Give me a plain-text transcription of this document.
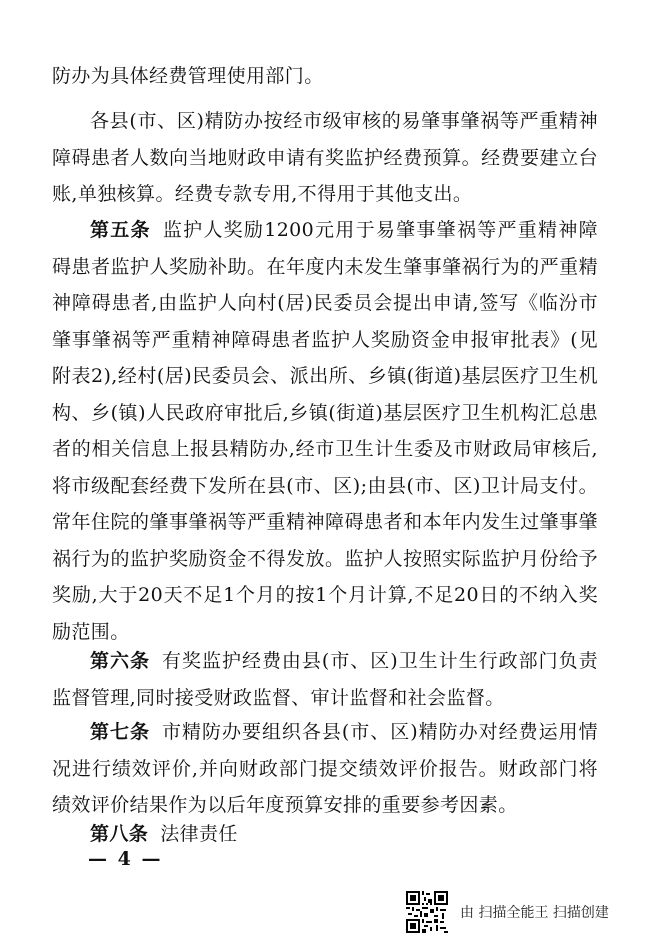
防办为具体经费管理使用部门。
各县(市、区)精防办按经市级审核的易肇事肇祸等严重精神障碍患者人数向当地财政申请有奖监护经费预算。经费要建立台账,单独核算。经费专款专用,不得用于其他支出。
第五条 监护人奖励1200元用于易肇事肇祸等严重精神障碍患者监护人奖励补助。在年度内未发生肇事肇祸行为的严重精神障碍患者,由监护人向村(居)民委员会提出申请,签写《临汾市肇事肇祸等严重精神障碍患者监护人奖励资金申报审批表》(见附表2),经村(居)民委员会、派出所、乡镇(街道)基层医疗卫生机构、乡(镇)人民政府审批后,乡镇(街道)基层医疗卫生机构汇总患者的相关信息上报县精防办,经市卫生计生委及市财政局审核后,将市级配套经费下发所在县(市、区);由县(市、区)卫计局支付。常年住院的肇事肇祸等严重精神障碍患者和本年内发生过肇事肇祸行为的监护奖励资金不得发放。监护人按照实际监护月份给予奖励,大于20天不足1个月的按1个月计算,不足20日的不纳入奖励范围。
第六条 有奖监护经费由县(市、区)卫生计生行政部门负责监督管理,同时接受财政监督、审计监督和社会监督。
第七条 市精防办要组织各县(市、区)精防办对经费运用情况进行绩效评价,并向财政部门提交绩效评价报告。财政部门将绩效评价结果作为以后年度预算安排的重要参考因素。
第八条 法律责任
— 4 —
由 扫描全能王 扫描创建
